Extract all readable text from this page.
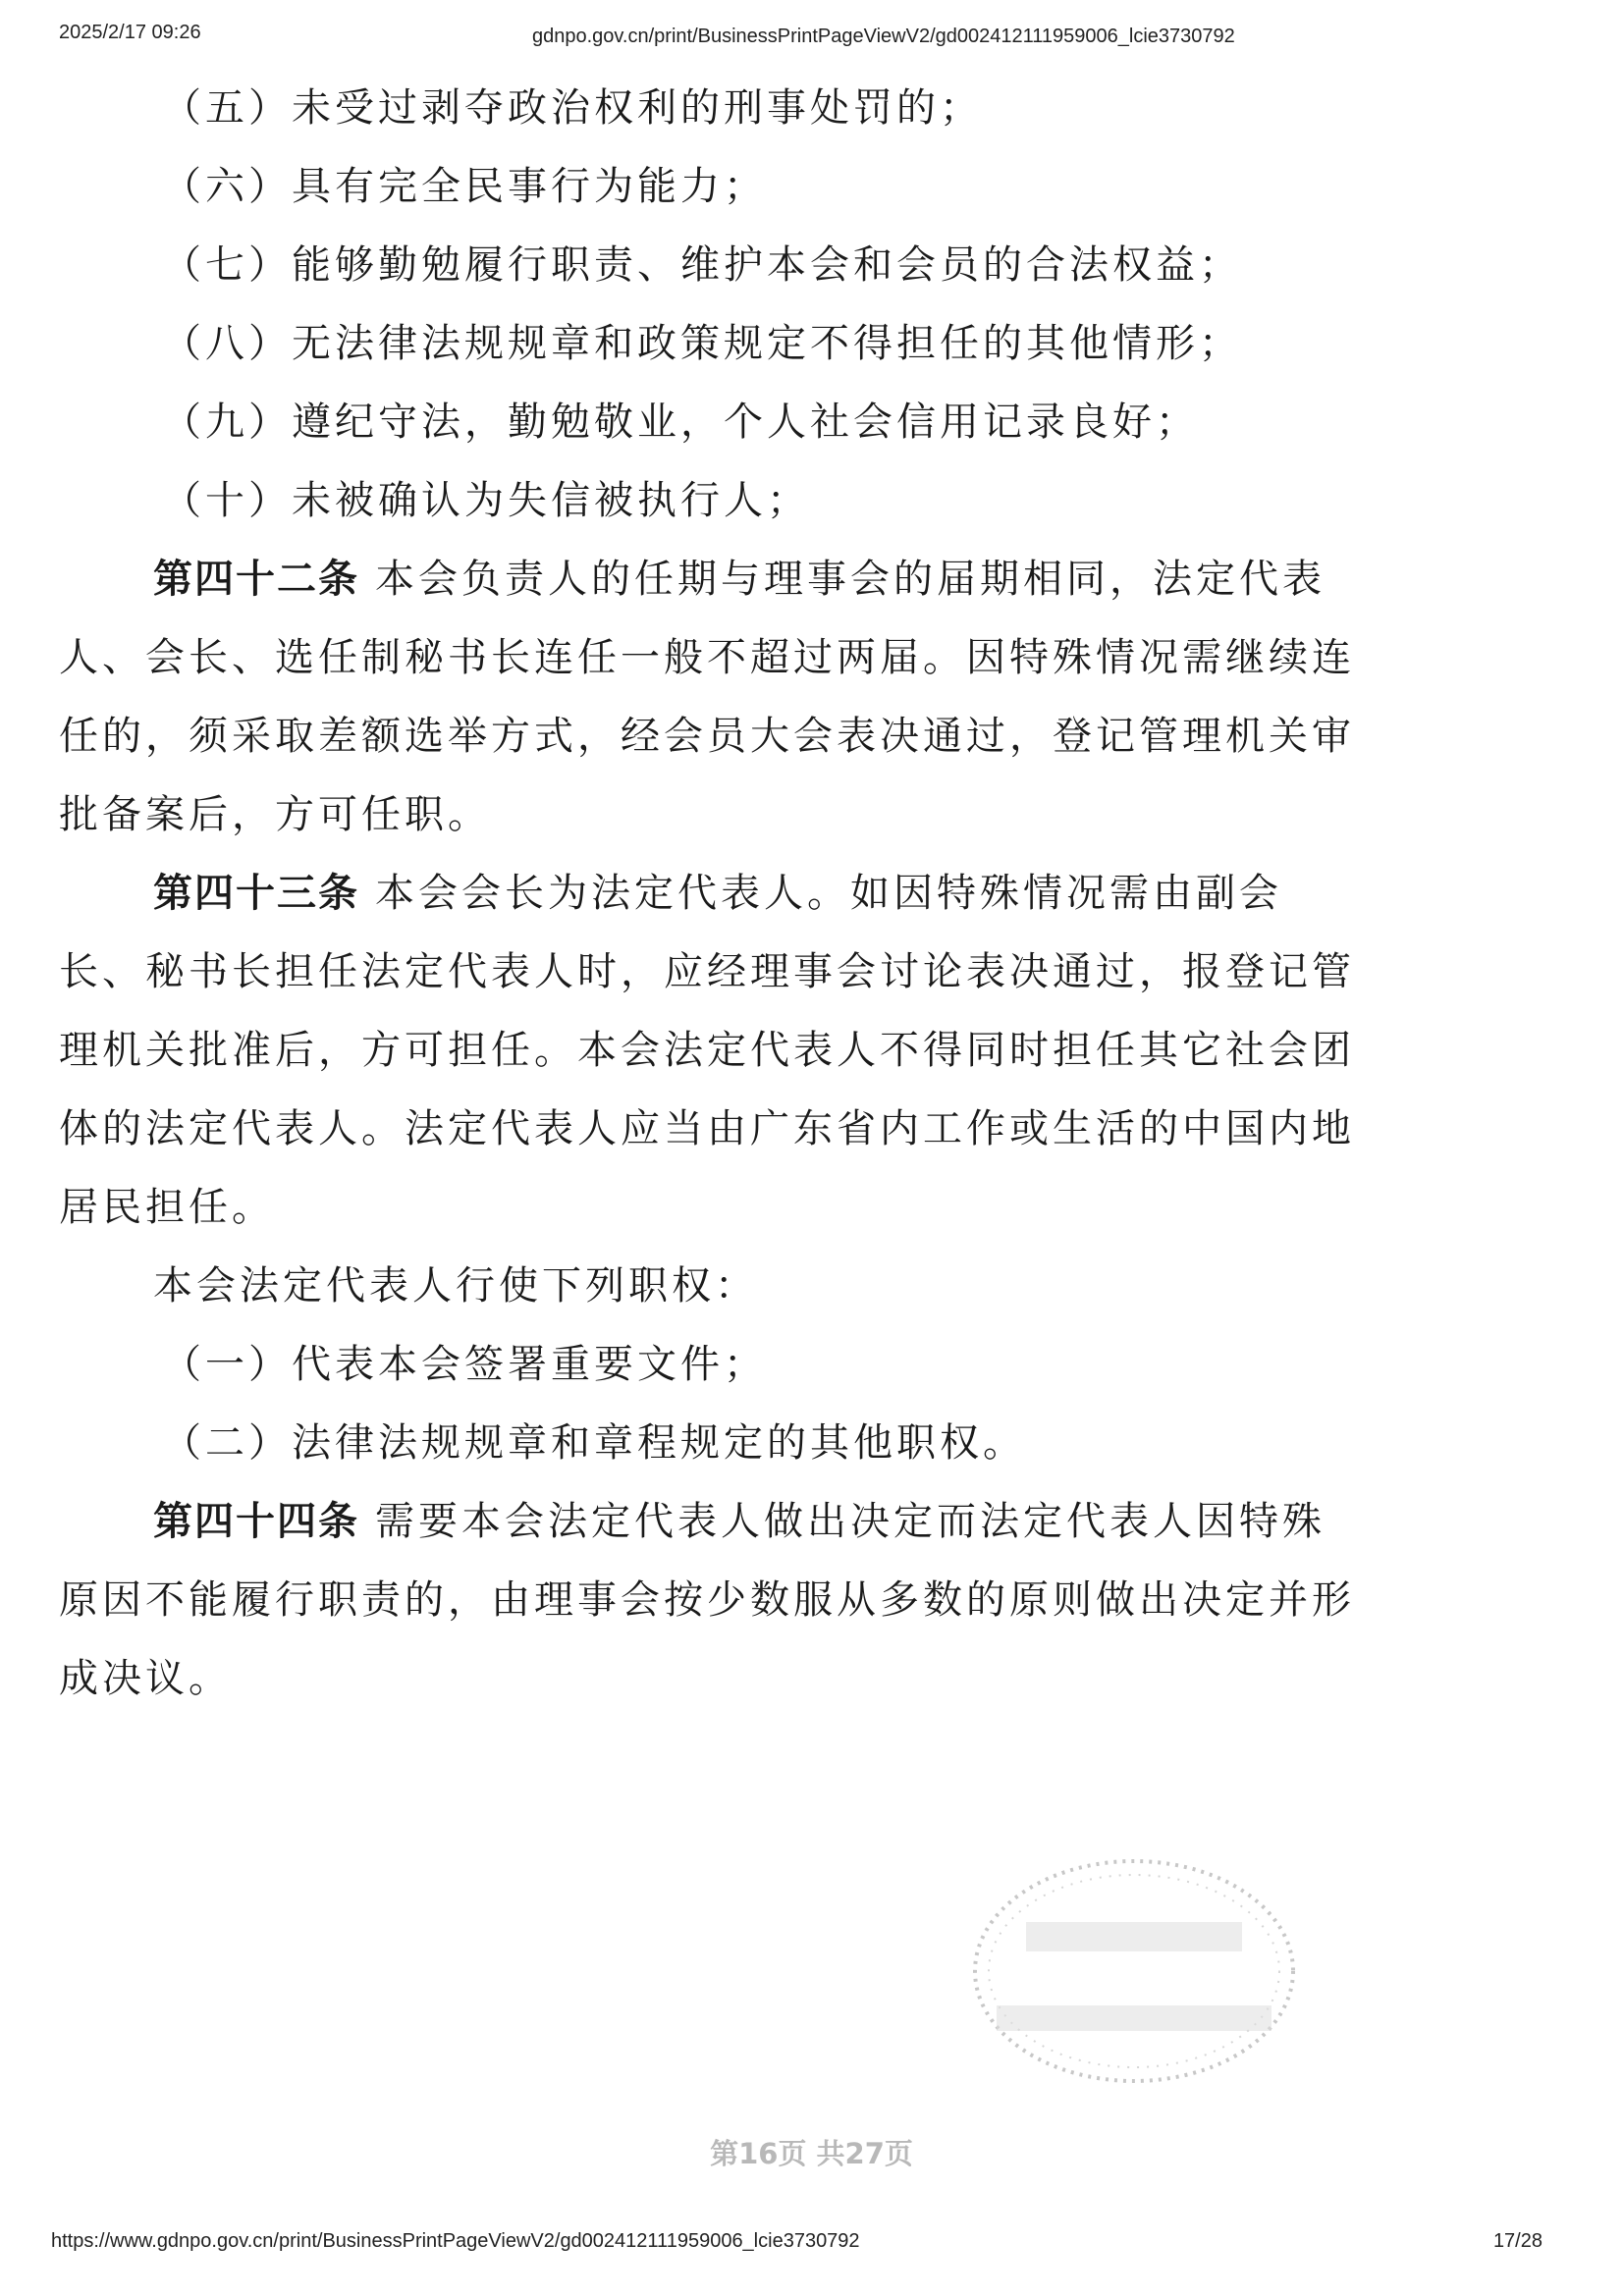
2025/2/17 09:26	gdnpo.gov.cn/print/BusinessPrintPageViewV2/gd002412111959006_lcie3730792
（五）未受过剥夺政治权利的刑事处罚的；
（六）具有完全民事行为能力；
（七）能够勤勉履行职责、维护本会和会员的合法权益；
（八）无法律法规规章和政策规定不得担任的其他情形；
（九）遵纪守法，勤勉敬业，个人社会信用记录良好；
（十）未被确认为失信被执行人；
第四十二条 本会负责人的任期与理事会的届期相同，法定代表
人、会长、选任制秘书长连任一般不超过两届。因特殊情况需继续连
任的，须采取差额选举方式，经会员大会表决通过，登记管理机关审
批备案后，方可任职。
第四十三条 本会会长为法定代表人。如因特殊情况需由副会
长、秘书长担任法定代表人时，应经理事会讨论表决通过，报登记管
理机关批准后，方可担任。本会法定代表人不得同时担任其它社会团
体的法定代表人。法定代表人应当由广东省内工作或生活的中国内地
居民担任。
本会法定代表人行使下列职权：
（一）代表本会签署重要文件；
（二）法律法规规章和章程规定的其他职权。
第四十四条 需要本会法定代表人做出决定而法定代表人因特殊
原因不能履行职责的，由理事会按少数服从多数的原则做出决定并形
成决议。
第16页 共27页
https://www.gdnpo.gov.cn/print/BusinessPrintPageViewV2/gd002412111959006_lcie3730792	17/28
